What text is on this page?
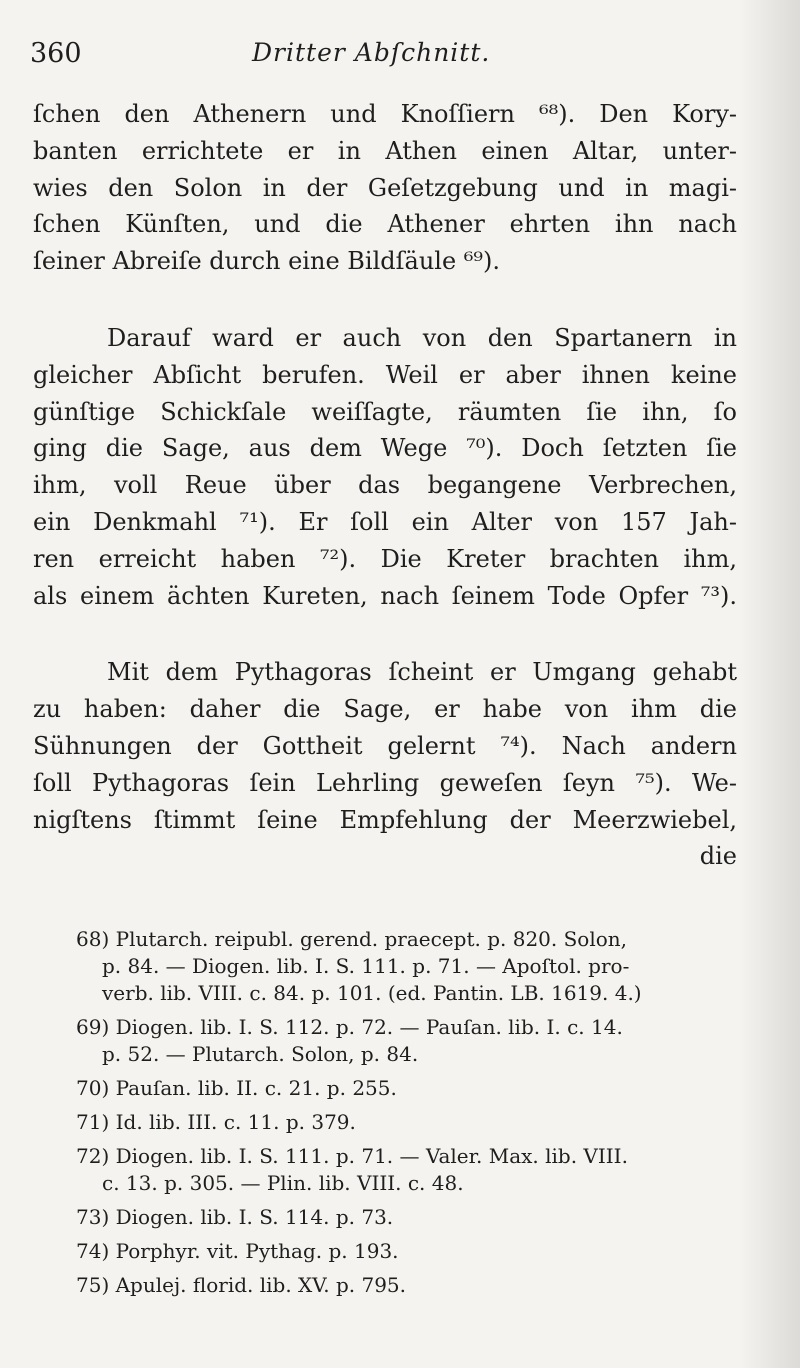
360	Dritter Abſchnitt.
ſchen den Athenern und Knoſſiern ⁶⁸). Den Kory-
banten errichtete er in Athen einen Altar, unter-
wies den Solon in der Geſetzgebung und in magi-
ſchen Künſten, und die Athener ehrten ihn nach
ſeiner Abreiſe durch eine Bildſäule ⁶⁹).
Darauf ward er auch von den Spartanern in
gleicher Abſicht berufen. Weil er aber ihnen keine
günſtige Schickſale weiſſagte, räumten ſie ihn, ſo
ging die Sage, aus dem Wege ⁷⁰). Doch ſetzten ſie
ihm, voll Reue über das begangene Verbrechen,
ein Denkmahl ⁷¹). Er ſoll ein Alter von 157 Jah-
ren erreicht haben ⁷²). Die Kreter brachten ihm,
als einem ächten Kureten, nach ſeinem Tode Opfer ⁷³).
Mit dem Pythagoras ſcheint er Umgang gehabt
zu haben: daher die Sage, er habe von ihm die
Sühnungen der Gottheit gelernt ⁷⁴). Nach andern
ſoll Pythagoras ſein Lehrling geweſen ſeyn ⁷⁵). We-
nigſtens ſtimmt ſeine Empfehlung der Meerzwiebel,
die
68) Plutarch. reipubl. gerend. praecept. p. 820. Solon,
p. 84. — Diogen. lib. I. S. 111. p. 71. — Apoſtol. pro-
verb. lib. VIII. c. 84. p. 101. (ed. Pantin. LB. 1619. 4.)
69) Diogen. lib. I. S. 112. p. 72. — Pauſan. lib. I. c. 14.
p. 52. — Plutarch. Solon, p. 84.
70) Pauſan. lib. II. c. 21. p. 255.
71) Id. lib. III. c. 11. p. 379.
72) Diogen. lib. I. S. 111. p. 71. — Valer. Max. lib. VIII.
c. 13. p. 305. — Plin. lib. VIII. c. 48.
73) Diogen. lib. I. S. 114. p. 73.
74) Porphyr. vit. Pythag. p. 193.
75) Apulej. florid. lib. XV. p. 795.
